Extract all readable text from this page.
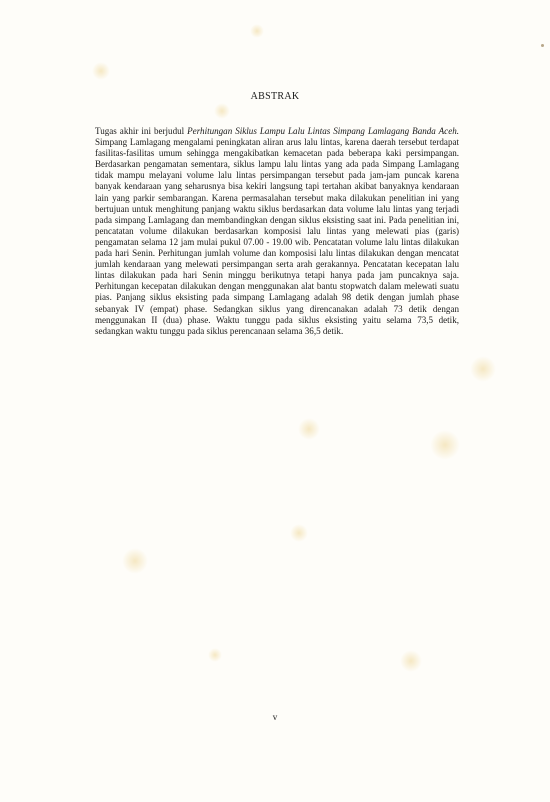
ABSTRAK

Tugas akhir ini berjudul Perhitungan Siklus Lampu Lalu Lintas Simpang Lamlagang Banda Aceh. Simpang Lamlagang mengalami peningkatan aliran arus lalu lintas, karena daerah tersebut terdapat fasilitas-fasilitas umum sehingga mengakibatkan kemacetan pada beberapa kaki persimpangan. Berdasarkan pengamatan sementara, siklus lampu lalu lintas yang ada pada Simpang Lamlagang tidak mampu melayani volume lalu lintas persimpangan tersebut pada jam-jam puncak karena banyak kendaraan yang seharusnya bisa kekiri langsung tapi tertahan akibat banyaknya kendaraan lain yang parkir sembarangan. Karena permasalahan tersebut maka dilakukan penelitian ini yang bertujuan untuk menghitung panjang waktu siklus berdasarkan data volume lalu lintas yang terjadi pada simpang Lamlagang dan membandingkan dengan siklus eksisting saat ini. Pada penelitian ini, pencatatan volume dilakukan berdasarkan komposisi lalu lintas yang melewati pias (garis) pengamatan selama 12 jam mulai pukul 07.00 - 19.00 wib. Pencatatan volume lalu lintas dilakukan pada hari Senin. Perhitungan jumlah volume dan komposisi lalu lintas dilakukan dengan mencatat jumlah kendaraan yang melewati persimpangan serta arah gerakannya. Pencatatan kecepatan lalu lintas dilakukan pada hari Senin minggu berikutnya tetapi hanya pada jam puncaknya saja. Perhitungan kecepatan dilakukan dengan menggunakan alat bantu stopwatch dalam melewati suatu pias. Panjang siklus eksisting pada simpang Lamlagang adalah 98 detik dengan jumlah phase sebanyak IV (empat) phase. Sedangkan siklus yang direncanakan adalah 73 detik dengan menggunakan II (dua) phase. Waktu tunggu pada siklus eksisting yaitu selama 73,5 detik, sedangkan waktu tunggu pada siklus perencanaan selama 36,5 detik.

v
